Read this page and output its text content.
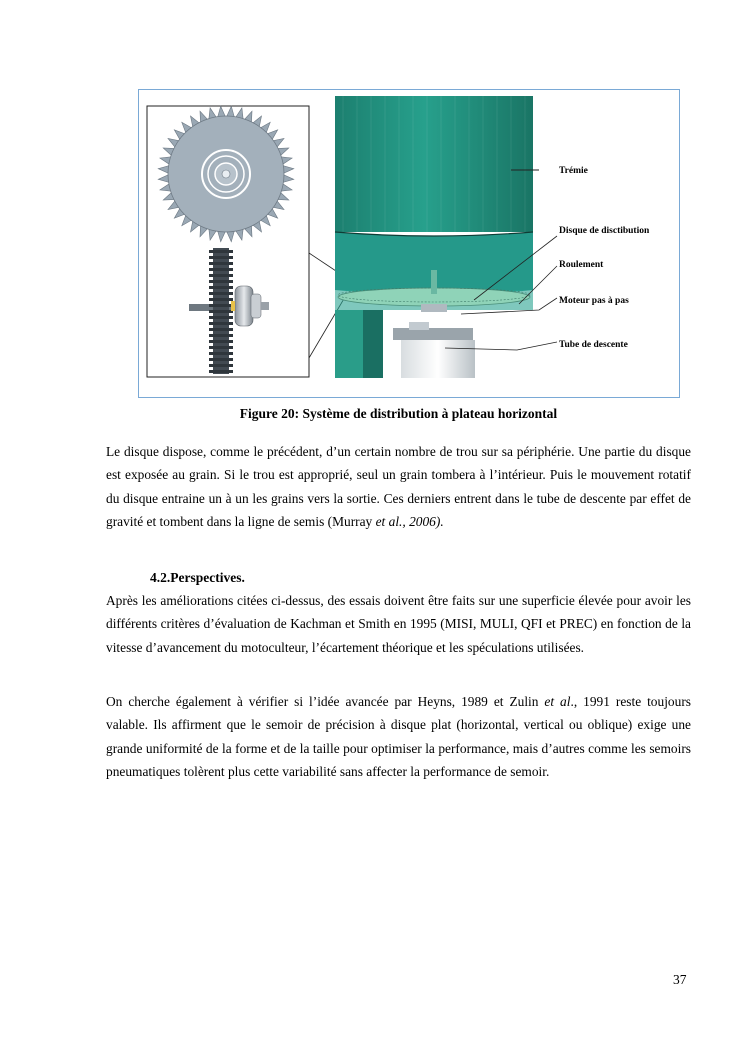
Trémie
Disque de disctibution
Roulement
Moteur pas à pas
Tube de descente
Figure 20: Système de distribution à plateau horizontal

Le disque dispose, comme le précédent, d’un certain nombre de trou sur sa périphérie. Une partie du disque est exposée au grain. Si le trou est approprié, seul un grain tombera à l’intérieur. Puis le mouvement rotatif du disque entraine un à un les grains vers la sortie. Ces derniers entrent dans le tube de descente par effet de gravité et tombent dans la ligne de semis (Murray et al., 2006).

4.2.Perspectives.

Après les améliorations citées ci-dessus, des essais doivent être faits sur une superficie élevée pour avoir les différents critères d’évaluation de Kachman et Smith en 1995 (MISI, MULI, QFI et PREC) en fonction de la vitesse d’avancement du motoculteur, l’écartement théorique et les spéculations utilisées.

On cherche également à vérifier si l’idée avancée par Heyns, 1989 et Zulin et al., 1991 reste toujours valable. Ils affirment que le semoir de précision à disque plat (horizontal, vertical ou oblique) exige une grande uniformité de la forme et de la taille pour optimiser la performance, mais d’autres comme les semoirs pneumatiques tolèrent plus cette variabilité sans affecter la performance de semoir.

37
